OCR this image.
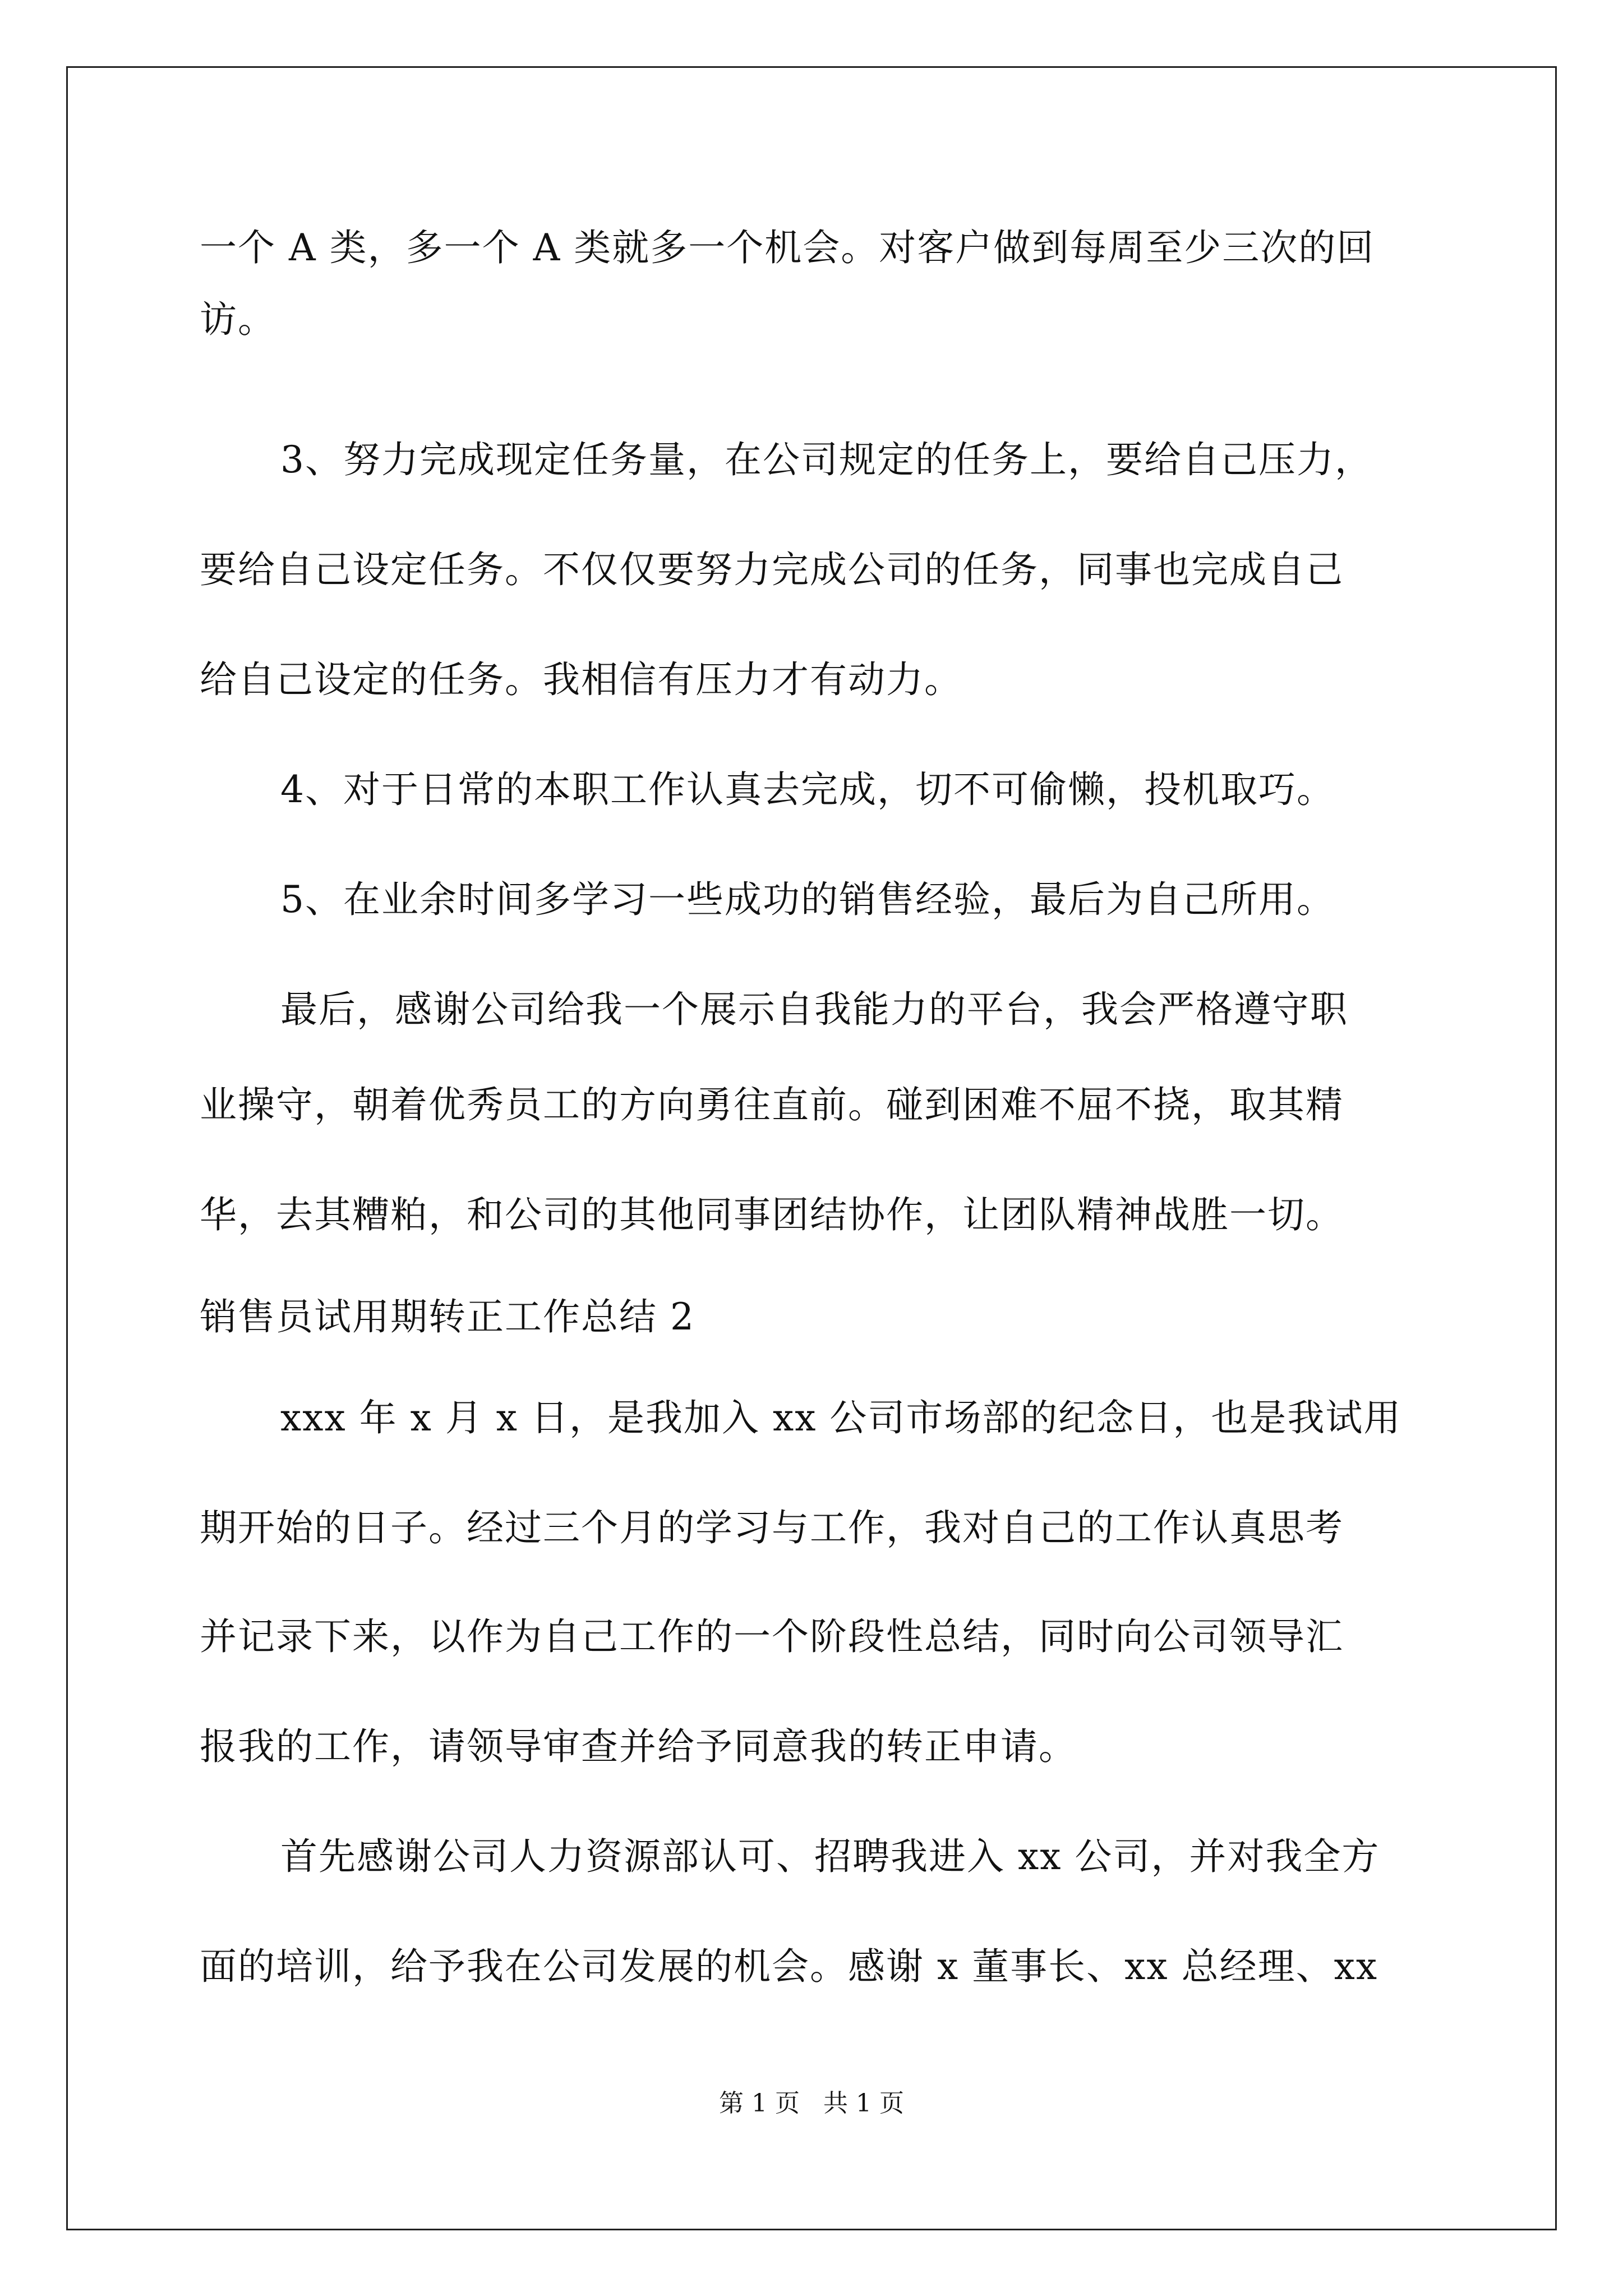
一个 A 类，多一个 A 类就多一个机会。对客户做到每周至少三次的回
访。
3、努力完成现定任务量，在公司规定的任务上，要给自己压力，
要给自己设定任务。不仅仅要努力完成公司的任务，同事也完成自己
给自己设定的任务。我相信有压力才有动力。
4、对于日常的本职工作认真去完成，切不可偷懒，投机取巧。
5、在业余时间多学习一些成功的销售经验，最后为自己所用。
最后，感谢公司给我一个展示自我能力的平台，我会严格遵守职
业操守，朝着优秀员工的方向勇往直前。碰到困难不屈不挠，取其精
华，去其糟粕，和公司的其他同事团结协作，让团队精神战胜一切。
销售员试用期转正工作总结 2
xxx 年 x 月 x 日，是我加入 xx 公司市场部的纪念日，也是我试用
期开始的日子。经过三个月的学习与工作，我对自己的工作认真思考
并记录下来，以作为自己工作的一个阶段性总结，同时向公司领导汇
报我的工作，请领导审查并给予同意我的转正申请。
首先感谢公司人力资源部认可、招聘我进入 xx 公司，并对我全方
面的培训，给予我在公司发展的机会。感谢 x 董事长、xx 总经理、xx
第 1 页   共 1 页
